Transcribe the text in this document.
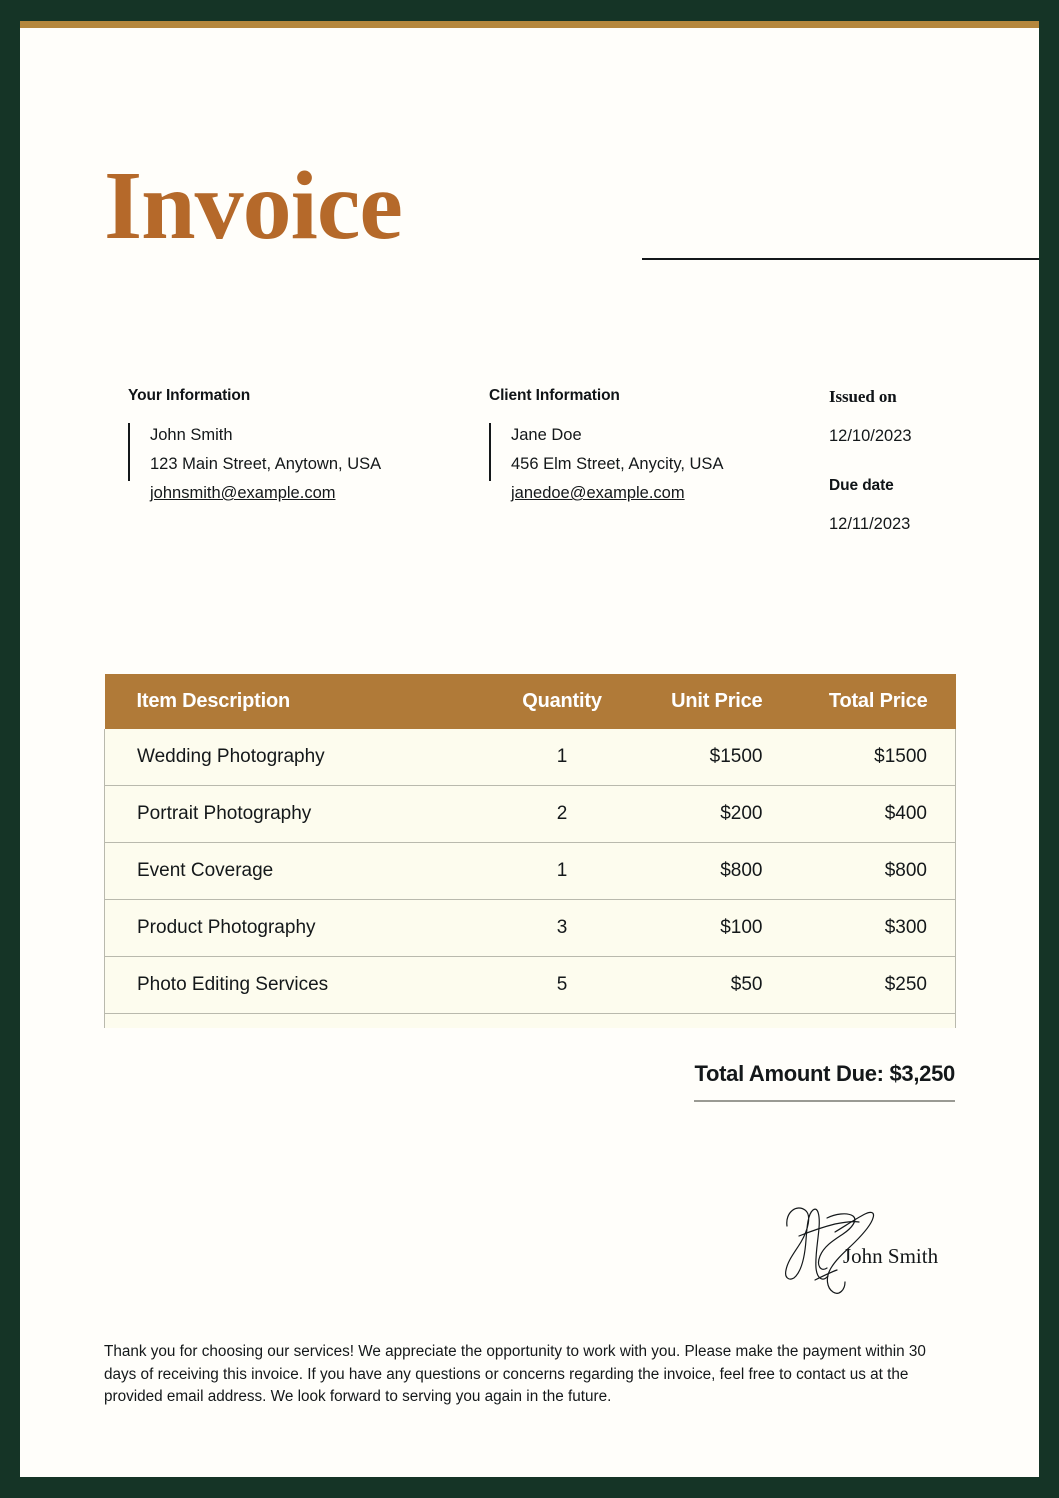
Invoice
Your Information
John Smith
123 Main Street, Anytown, USA
johnsmith@example.com
Client Information
Jane Doe
456 Elm Street, Anycity, USA
janedoe@example.com
Issued on
12/10/2023
Due date
12/11/2023
Item Description	Quantity	Unit Price	Total Price
Wedding Photography	1	$1500	$1500
Portrait Photography	2	$200	$400
Event Coverage	1	$800	$800
Product Photography	3	$100	$300
Photo Editing Services	5	$50	$250

Total Amount Due: $3,250
John Smith

Thank you for choosing our services! We appreciate the opportunity to work with you. Please make the payment within 30 days of receiving this invoice. If you have any questions or concerns regarding the invoice, feel free to contact us at the provided email address. We look forward to serving you again in the future.
